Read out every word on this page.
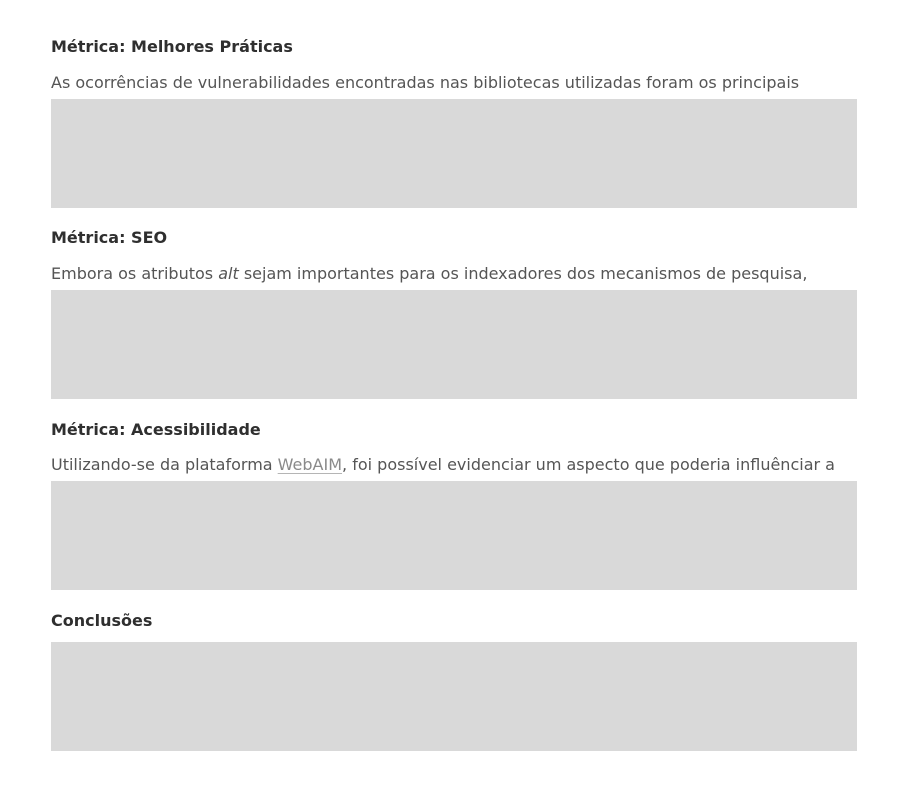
Métrica: Melhores Práticas

As ocorrências de vulnerabilidades encontradas nas bibliotecas utilizadas foram os principais

Métrica: SEO

Embora os atributos alt sejam importantes para os indexadores dos mecanismos de pesquisa,

Métrica: Acessibilidade

Utilizando-se da plataforma WebAIM, foi possível evidenciar um aspecto que poderia influênciar a

Conclusões
